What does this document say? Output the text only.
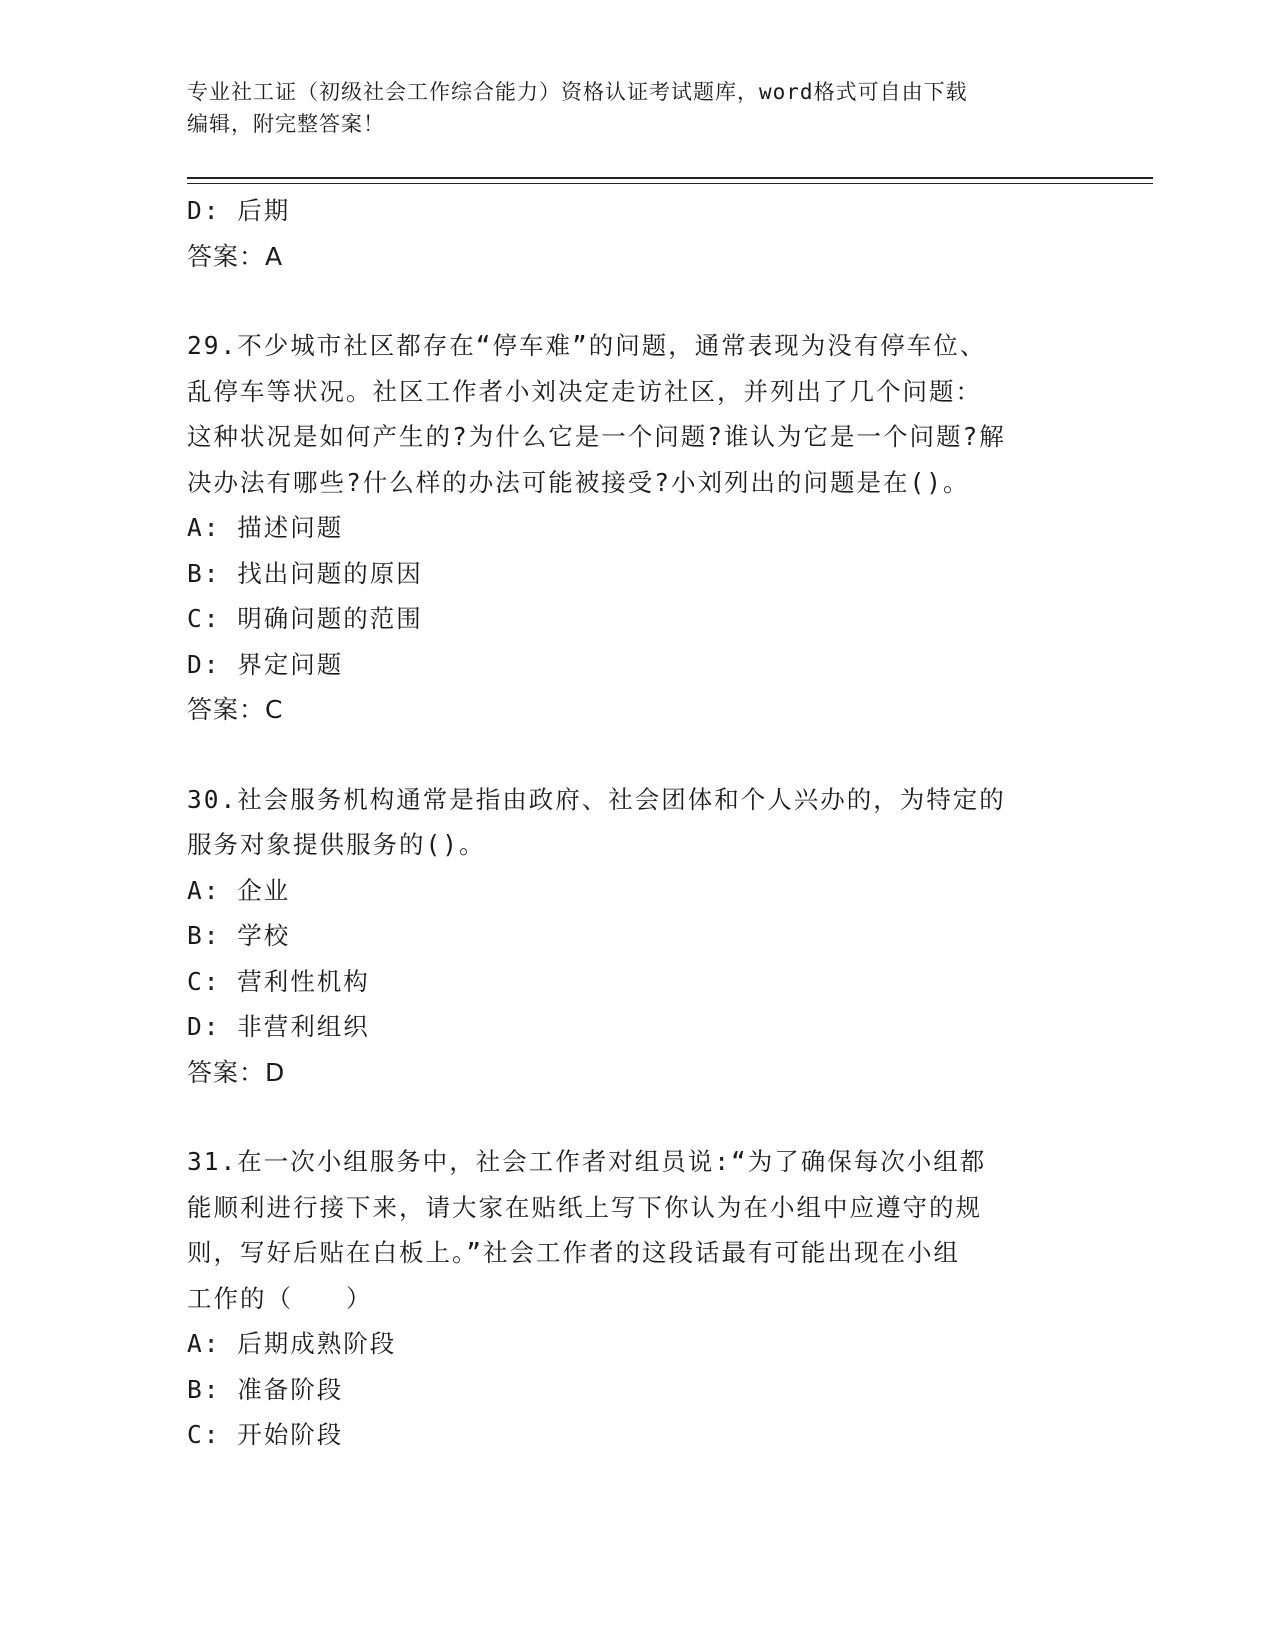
专业社工证（初级社会工作综合能力）资格认证考试题库，word格式可自由下载
编辑，附完整答案！
D: 后期
答案：A
29.不少城市社区都存在“停车难”的问题，通常表现为没有停车位、
乱停车等状况。社区工作者小刘决定走访社区，并列出了几个问题：
这种状况是如何产生的?为什么它是一个问题?谁认为它是一个问题?解
决办法有哪些?什么样的办法可能被接受?小刘列出的问题是在()。
A: 描述问题
B: 找出问题的原因
C: 明确问题的范围
D: 界定问题
答案：C
30.社会服务机构通常是指由政府、社会团体和个人兴办的，为特定的
服务对象提供服务的()。
A: 企业
B: 学校
C: 营利性机构
D: 非营利组织
答案：D
31.在一次小组服务中，社会工作者对组员说:“为了确保每次小组都
能顺利进行接下来，请大家在贴纸上写下你认为在小组中应遵守的规
则，写好后贴在白板上。”社会工作者的这段话最有可能出现在小组
工作的（　　）
A: 后期成熟阶段
B: 准备阶段
C: 开始阶段
